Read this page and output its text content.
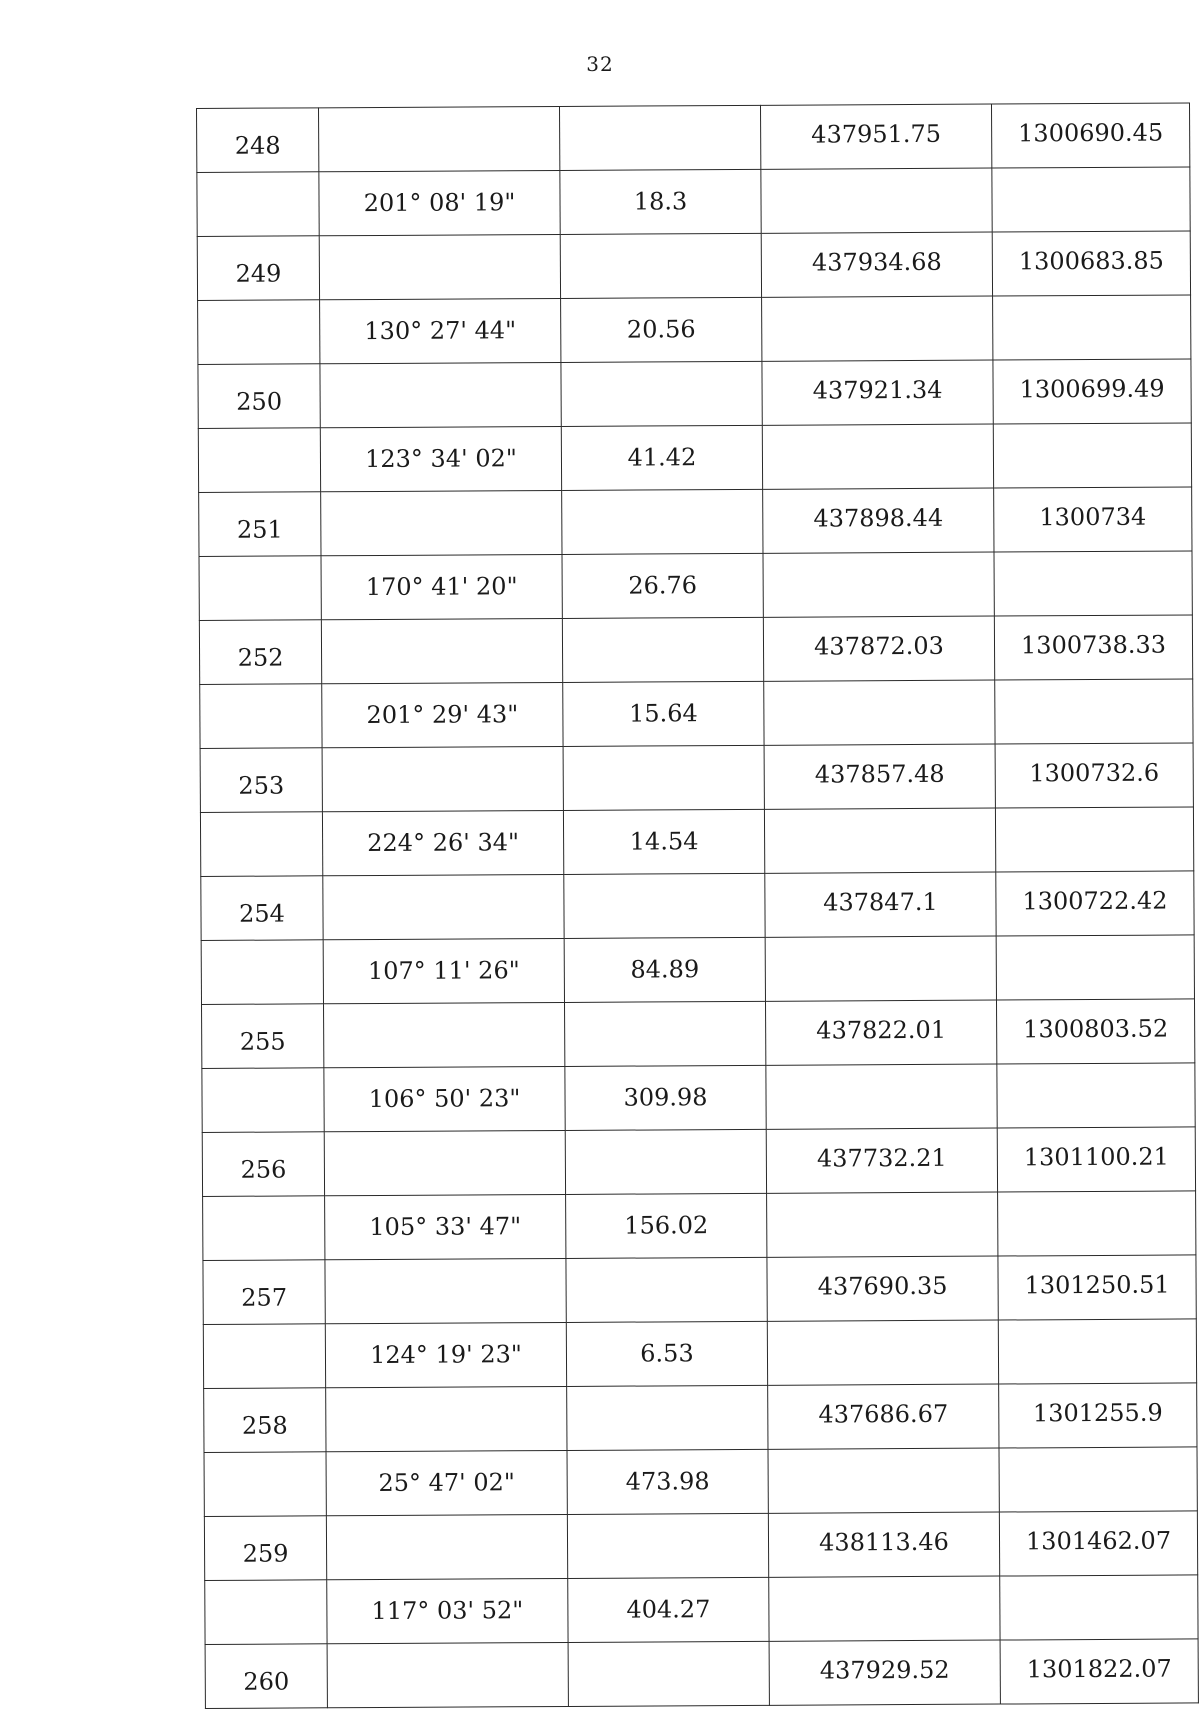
32
248			437951.75	1300690.45
	201° 08' 19"	18.3		
249			437934.68	1300683.85
	130° 27' 44"	20.56		
250			437921.34	1300699.49
	123° 34' 02"	41.42		
251			437898.44	1300734
	170° 41' 20"	26.76		
252			437872.03	1300738.33
	201° 29' 43"	15.64		
253			437857.48	1300732.6
	224° 26' 34"	14.54		
254			437847.1	1300722.42
	107° 11' 26"	84.89		
255			437822.01	1300803.52
	106° 50' 23"	309.98		
256			437732.21	1301100.21
	105° 33' 47"	156.02		
257			437690.35	1301250.51
	124° 19' 23"	6.53		
258			437686.67	1301255.9
	25° 47' 02"	473.98		
259			438113.46	1301462.07
	117° 03' 52"	404.27		
260			437929.52	1301822.07
